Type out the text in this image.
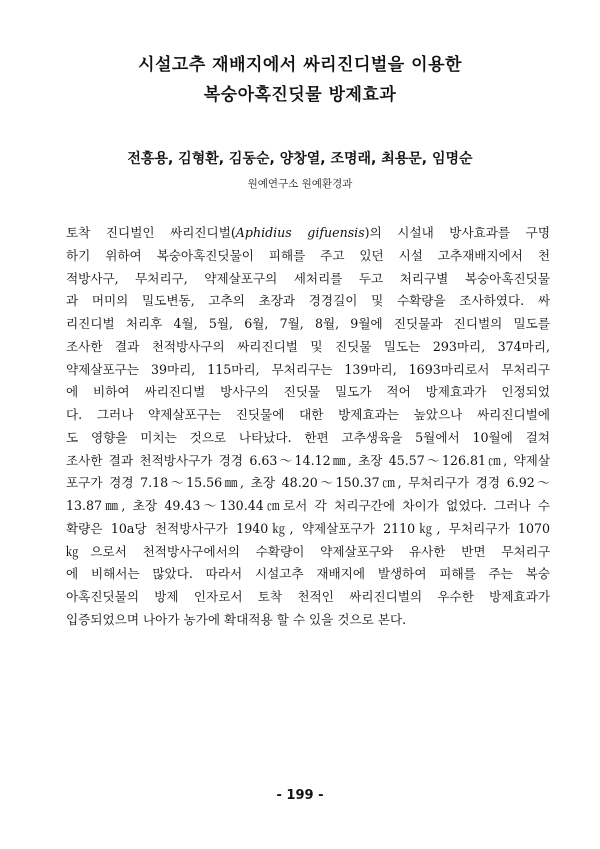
시설고추 재배지에서 싸리진디벌을 이용한
복숭아혹진딧물 방제효과
전흥용, 김형환, 김동순, 양창열, 조명래, 최용문, 임명순
원예연구소 원예환경과
토착 진디벌인 싸리진디벌(Aphidius gifuensis)의 시설내 방사효과를 구명
하기 위하여 복숭아혹진딧물이 피해를 주고 있던 시설 고추재배지에서 천
적방사구, 무처리구, 약제살포구의 세처리를 두고 처리구별 복숭아혹진딧물
과 머미의 밀도변동, 고추의 초장과 경경길이 및 수확량을 조사하였다. 싸
리진디벌 처리후 4월, 5월, 6월, 7월, 8월, 9월에 진딧물과 진디벌의 밀도를
조사한 결과 천적방사구의 싸리진디벌 및 진딧물 밀도는 293마리, 374마리,
약제살포구는 39마리, 115마리, 무처리구는 139마리, 1693마리로서 무처리구
에 비하여 싸리진디벌 방사구의 진딧물 밀도가 적어 방제효과가 인정되었
다. 그러나 약제살포구는 진딧물에 대한 방제효과는 높았으나 싸리진디벌에
도 영향을 미치는 것으로 나타났다. 한편 고추생육을 5월에서 10월에 걸쳐
조사한 결과 천적방사구가 경경 6.63～14.12㎜, 초장 45.57～126.81㎝, 약제살
포구가 경경 7.18～15.56㎜, 초장 48.20～150.37㎝, 무처리구가 경경 6.92～
13.87㎜, 초장 49.43～130.44㎝로서 각 처리구간에 차이가 없었다. 그러나 수
확량은 10a당 천적방사구가 1940㎏, 약제살포구가 2110㎏, 무처리구가 1070
㎏으로서 천적방사구에서의 수확량이 약제살포구와 유사한 반면 무처리구
에 비해서는 많았다. 따라서 시설고추 재배지에 발생하여 피해를 주는 복숭
아혹진딧물의 방제 인자로서 토착 천적인 싸리진디벌의 우수한 방제효과가
입증되었으며 나아가 농가에 확대적용 할 수 있을 것으로 본다.
- 199 -
